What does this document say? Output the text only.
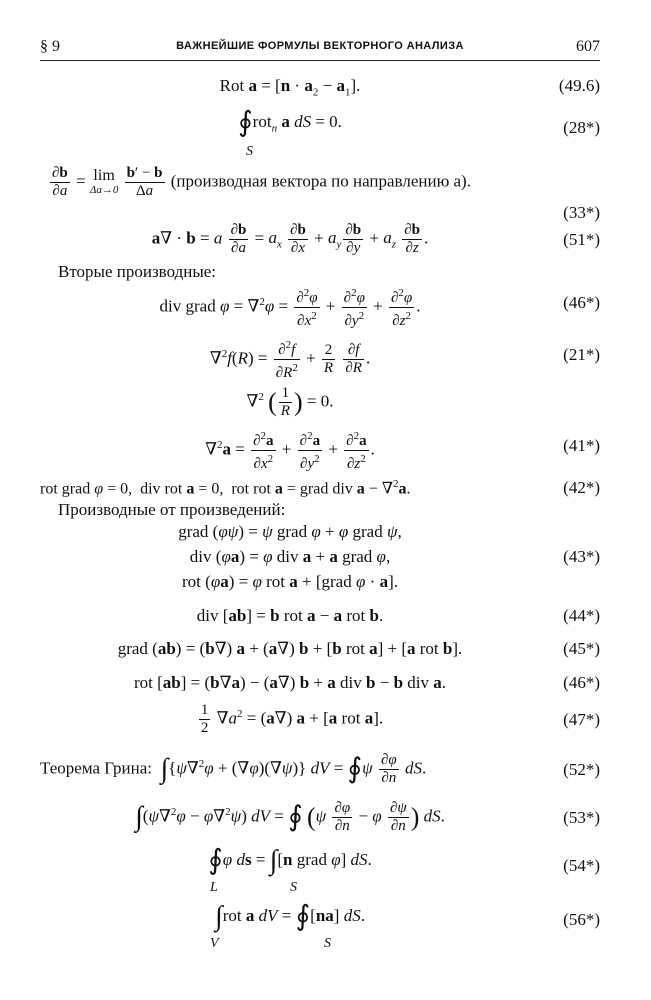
§ 9	ВАЖНЕЙШИЕ ФОРМУЛЫ ВЕКТОРНОГО АНАЛИЗА	607
Rot $a = [n \cdot a_2 - a_1]$.	(49.6)
∮rot$_n$ a dS = 0.
S
(28*)
$\frac{\partial b}{\partial a} = \lim$
Δa→0
$\frac{b' - b}{\Delta a}$ (производная вектора по направлению a).
(33*)
a∇ · b = a $\frac{\partial b}{\partial a} = a_x \frac{\partial b}{\partial x} + a_y \frac{\partial b}{\partial y} + a_z \frac{\partial b}{\partial z}$ .	(51*)
Вторые производные:
div grad $\varphi = \nabla^2\varphi = \frac{\partial^2\varphi}{\partial x^2} + \frac{\partial^2\varphi}{\partial y^2} + \frac{\partial^2\varphi}{\partial z^2}$ .	(46*)
$\nabla^2f(R) = \frac{\partial^2f}{\partial R^2} + \frac{2}{R}$
$\frac{\partial f}{\partial R}$ .	(21*)
∇$^2$ ( $\frac{1}{R}$ ) = 0.
$\nabla^2a = \frac{\partial^2a}{\partial x^2} + \frac{\partial^2a}{\partial y^2} + \frac{\partial^2a}{\partial z^2}$ .	(41*)
rot grad φ = 0,  div rot a = 0,  rot rot a = grad div a − ∇$^2$a.	(42*)
Производные от произведений:
grad (φψ) = ψ grad φ + φ grad ψ,
div (φa) = φ div a + a grad φ,	(43*)
rot (φa) = φ rot a + [grad φ · a].
div [ab] = b rot a − a rot b.	(44*)
grad (ab) = (b∇) a + (a∇) b + [b rot a] + [a rot b].	(45*)
rot [ab] = (b∇a) − (a∇) b + a div b − b div a.	(46*)
$\frac{1}{2} \nabla a^2 = (a\nabla) a + [a$ rot a].	(47*)
Теорема Грина: ∫{ψ∇$^2$φ + (∇φ)(∇ψ)} dV = ∮ψ $\frac{\partial\varphi}{\partial n}$ dS.	(52*)
∫(ψ∇$^2$φ − φ∇$^2$ψ) dV = ∮ ($\psi \frac{\partial\varphi}{\partial n} - \varphi \frac{\partial\psi}{\partial n}$ ) dS.	(53*)
∮φ ds = ∫[n grad φ] dS.
L	S
(54*)
∫rot a dV = ∮[na] dS.
V	S
(56*)
